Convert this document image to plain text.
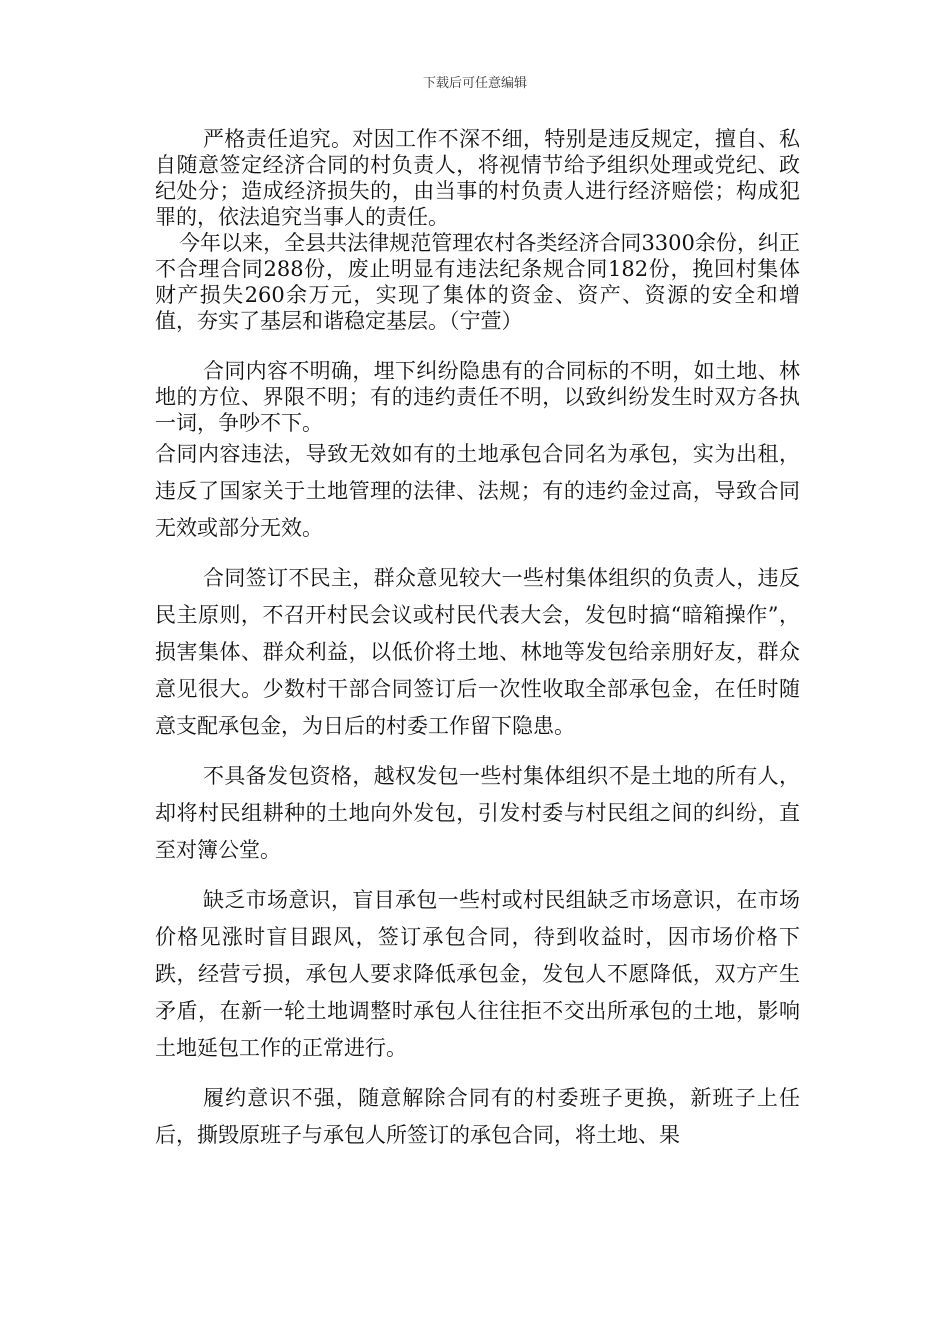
下载后可任意编辑

严格责任追究。对因工作不深不细，特别是违反规定，擅自、私自随意签定经济合同的村负责人，将视情节给予组织处理或党纪、政纪处分；造成经济损失的，由当事的村负责人进行经济赔偿；构成犯罪的，依法追究当事人的责任。

今年以来，全县共法律规范管理农村各类经济合同3300余份，纠正不合理合同288份，废止明显有违法纪条规合同182份，挽回村集体财产损失260余万元，实现了集体的资金、资产、资源的安全和增值，夯实了基层和谐稳定基层。（宁萱）

合同内容不明确，埋下纠纷隐患有的合同标的不明，如土地、林地的方位、界限不明；有的违约责任不明，以致纠纷发生时双方各执一词，争吵不下。

合同内容违法，导致无效如有的土地承包合同名为承包，实为出租，违反了国家关于土地管理的法律、法规；有的违约金过高，导致合同无效或部分无效。

合同签订不民主，群众意见较大一些村集体组织的负责人，违反民主原则，不召开村民会议或村民代表大会，发包时搞“暗箱操作”，损害集体、群众利益，以低价将土地、林地等发包给亲朋好友，群众意见很大。少数村干部合同签订后一次性收取全部承包金，在任时随意支配承包金，为日后的村委工作留下隐患。

不具备发包资格，越权发包一些村集体组织不是土地的所有人，却将村民组耕种的土地向外发包，引发村委与村民组之间的纠纷，直至对簿公堂。

缺乏市场意识，盲目承包一些村或村民组缺乏市场意识，在市场价格见涨时盲目跟风，签订承包合同，待到收益时，因市场价格下跌，经营亏损，承包人要求降低承包金，发包人不愿降低，双方产生矛盾，在新一轮土地调整时承包人往往拒不交出所承包的土地，影响土地延包工作的正常进行。

履约意识不强，随意解除合同有的村委班子更换，新班子上任后，撕毁原班子与承包人所签订的承包合同，将土地、果
